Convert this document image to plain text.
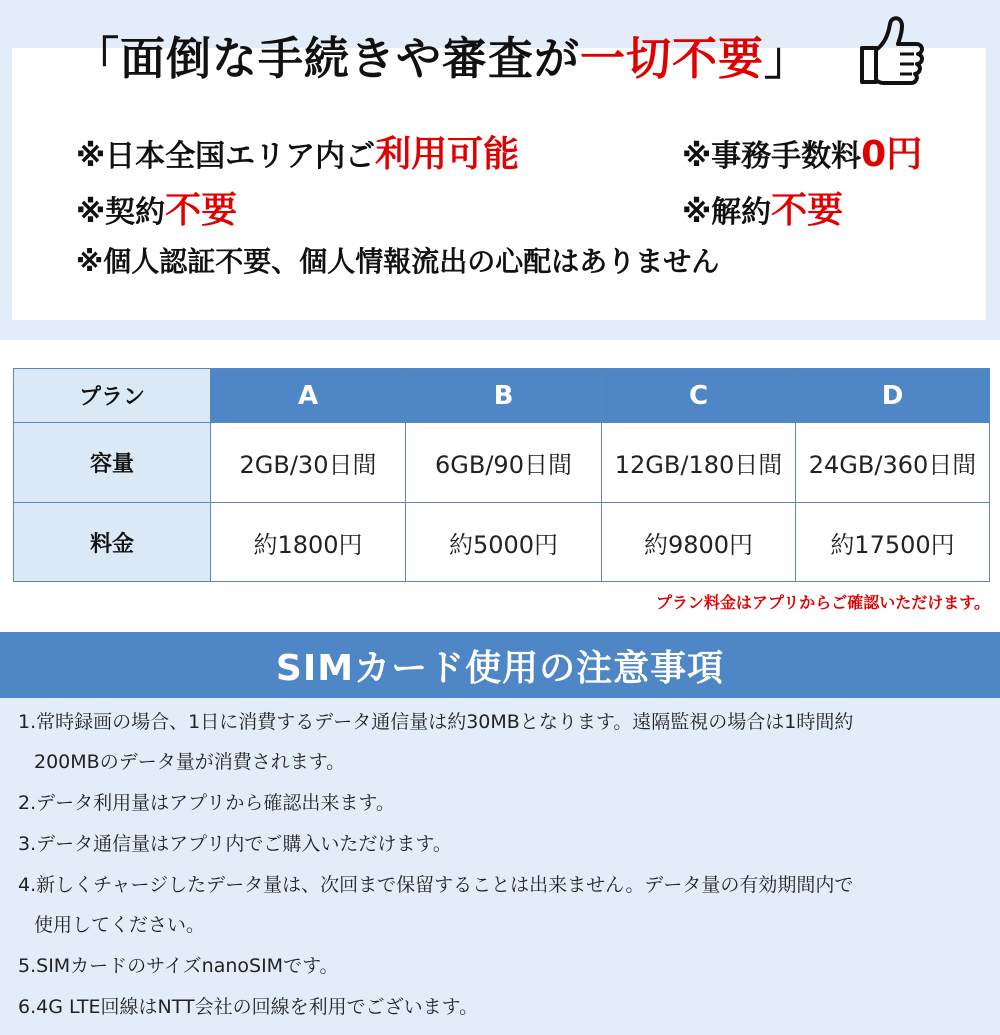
「面倒な手続きや審査が 一切不要 」
※日本全国エリア内ご 利用可能	※事務手数料 0円
※契約 不要	※解約 不要
※個人認証不要、個人情報流出の心配はありません
プラン	A	B	C	D
容量	2GB/30日間	6GB/90日間	12GB/180日間	24GB/360日間
料金	約1800円	約5000円	約9800円	約17500円
プラン料金はアプリからご確認いただけます。
SIMカード使用の注意事項
1.常時録画の場合、1日に消費するデータ通信量は約30MBとなります。遠隔監視の場合は1時間約
200MBのデータ量が消費されます。
2.データ利用量はアプリから確認出来ます。
3.データ通信量はアプリ内でご購入いただけます。
4.新しくチャージしたデータ量は、次回まで保留することは出来ません。データ量の有効期間内で
使用してください。
5.SIMカードのサイズnanoSIMです。
6.4G LTE回線はNTT会社の回線を利用でございます。
